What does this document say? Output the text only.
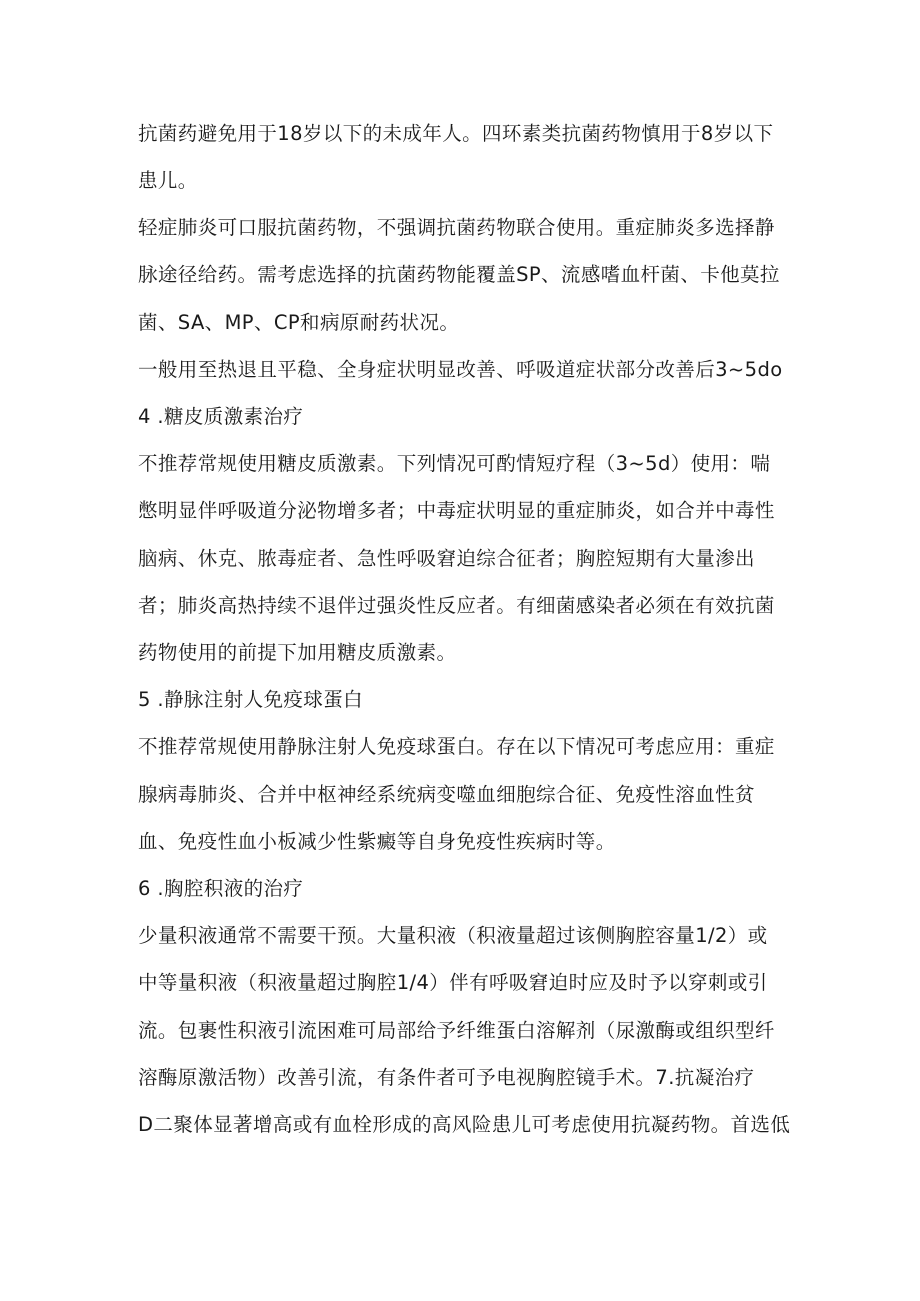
抗菌药避免用于18岁以下的未成年人。四环素类抗菌药物慎用于8岁以下
患儿。
轻症肺炎可口服抗菌药物，不强调抗菌药物联合使用。重症肺炎多选择静
脉途径给药。需考虑选择的抗菌药物能覆盖SP、流感嗜血杆菌、卡他莫拉
菌、SA、MP、CP和病原耐药状况。
一般用至热退且平稳、全身症状明显改善、呼吸道症状部分改善后3~5do
4 .糖皮质激素治疗
不推荐常规使用糖皮质激素。下列情况可酌情短疗程（3~5d）使用：喘
憋明显伴呼吸道分泌物增多者；中毒症状明显的重症肺炎，如合并中毒性
脑病、休克、脓毒症者、急性呼吸窘迫综合征者；胸腔短期有大量渗出
者；肺炎高热持续不退伴过强炎性反应者。有细菌感染者必须在有效抗菌
药物使用的前提下加用糖皮质激素。
5 .静脉注射人免疫球蛋白
不推荐常规使用静脉注射人免疫球蛋白。存在以下情况可考虑应用：重症
腺病毒肺炎、合并中枢神经系统病变噬血细胞综合征、免疫性溶血性贫
血、免疫性血小板减少性紫癜等自身免疫性疾病时等。
6 .胸腔积液的治疗
少量积液通常不需要干预。大量积液（积液量超过该侧胸腔容量1/2）或
中等量积液（积液量超过胸腔1/4）伴有呼吸窘迫时应及时予以穿刺或引
流。包裹性积液引流困难可局部给予纤维蛋白溶解剂（尿激酶或组织型纤
溶酶原激活物）改善引流，有条件者可予电视胸腔镜手术。7.抗凝治疗
D二聚体显著增高或有血栓形成的高风险患儿可考虑使用抗凝药物。首选低
